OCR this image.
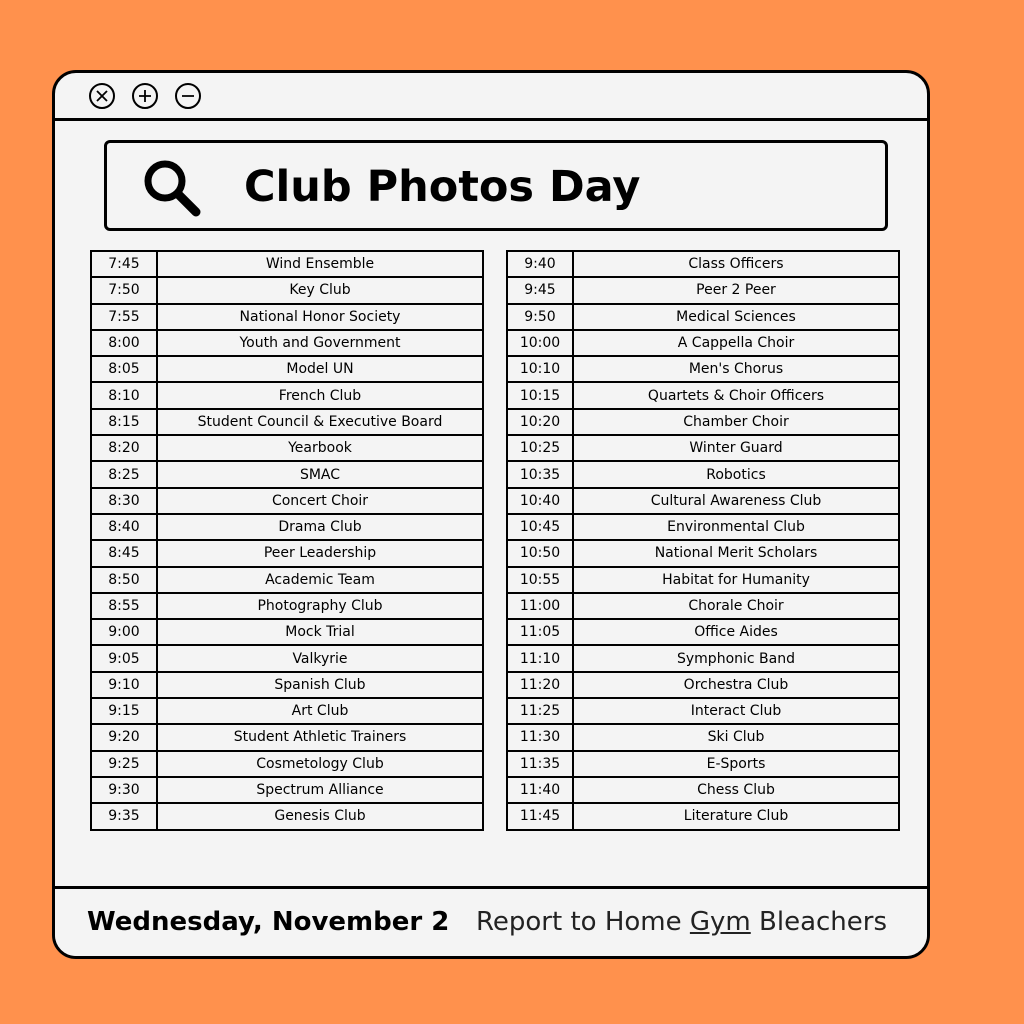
Club Photos Day
7:45	Wind Ensemble
7:50	Key Club
7:55	National Honor Society
8:00	Youth and Government
8:05	Model UN
8:10	French Club
8:15	Student Council & Executive Board
8:20	Yearbook
8:25	SMAC
8:30	Concert Choir
8:40	Drama Club
8:45	Peer Leadership
8:50	Academic Team
8:55	Photography Club
9:00	Mock Trial
9:05	Valkyrie
9:10	Spanish Club
9:15	Art Club
9:20	Student Athletic Trainers
9:25	Cosmetology Club
9:30	Spectrum Alliance
9:35	Genesis Club
9:40	Class Officers
9:45	Peer 2 Peer
9:50	Medical Sciences
10:00	A Cappella Choir
10:10	Men's Chorus
10:15	Quartets & Choir Officers
10:20	Chamber Choir
10:25	Winter Guard
10:35	Robotics
10:40	Cultural Awareness Club
10:45	Environmental Club
10:50	National Merit Scholars
10:55	Habitat for Humanity
11:00	Chorale Choir
11:05	Office Aides
11:10	Symphonic Band
11:20	Orchestra Club
11:25	Interact Club
11:30	Ski Club
11:35	E-Sports
11:40	Chess Club
11:45	Literature Club
Wednesday, November 2 Report to Home Gym Bleachers
